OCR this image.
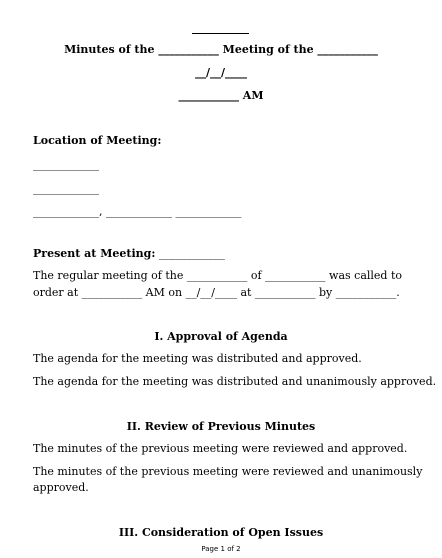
Minutes of the ___________ Meeting of the ___________
__/__/____
___________ AM
Location of Meeting:
____________
____________
____________, ____________ ____________
Present at Meeting: ____________
The regular meeting of the ___________ of ___________ was called to
order at ___________ AM on __/__/____ at ___________ by ___________.
I. Approval of Agenda
The agenda for the meeting was distributed and approved.
The agenda for the meeting was distributed and unanimously approved.
II. Review of Previous Minutes
The minutes of the previous meeting were reviewed and approved.
The minutes of the previous meeting were reviewed and unanimously
approved.
III. Consideration of Open Issues
Page 1 of 2
